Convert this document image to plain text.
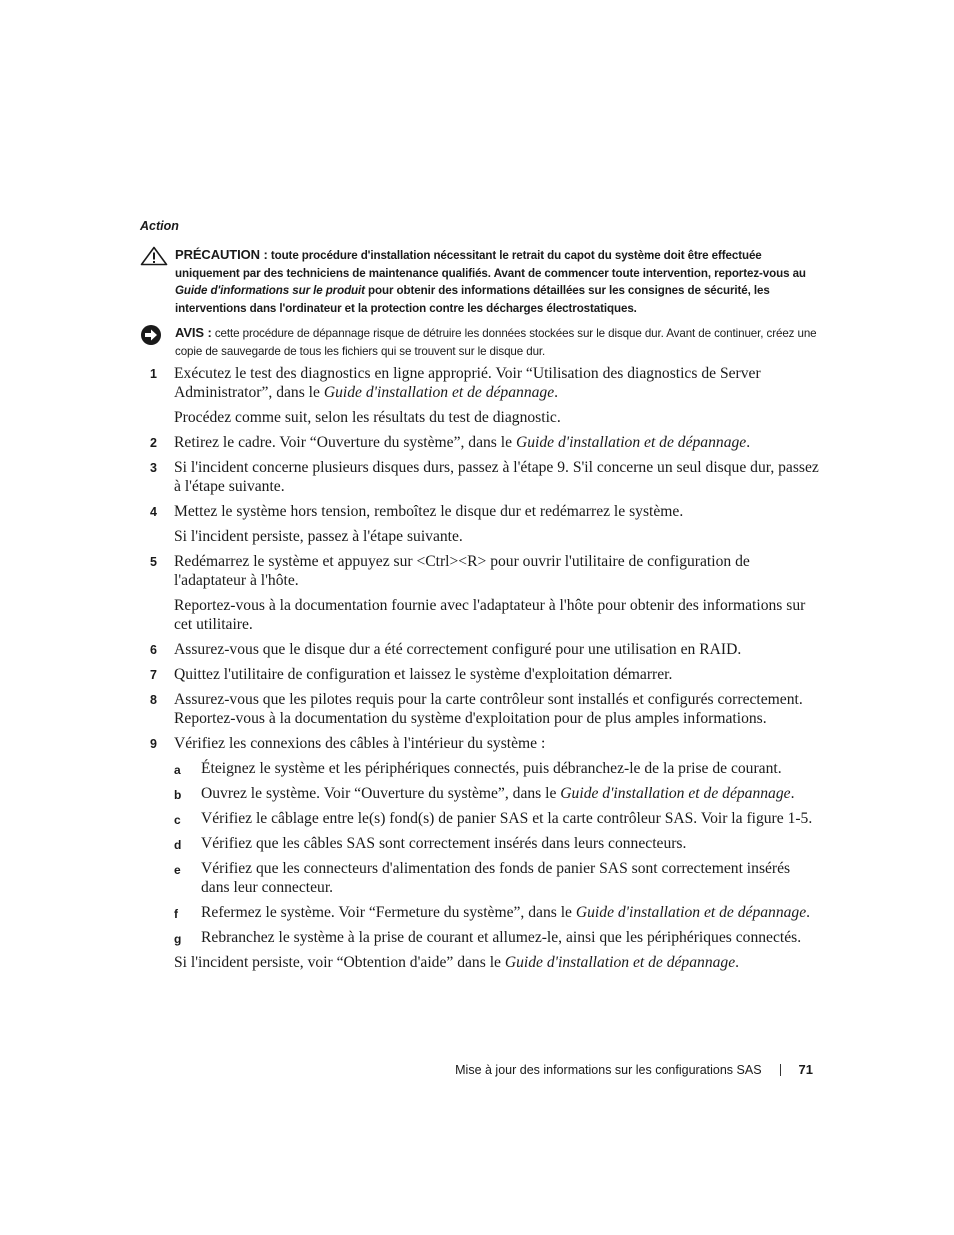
Action
PRÉCAUTION : toute procédure d'installation nécessitant le retrait du capot du système doit être effectuée uniquement par des techniciens de maintenance qualifiés. Avant de commencer toute intervention, reportez-vous au Guide d'informations sur le produit pour obtenir des informations détaillées sur les consignes de sécurité, les interventions dans l'ordinateur et la protection contre les décharges électrostatiques.
AVIS : cette procédure de dépannage risque de détruire les données stockées sur le disque dur. Avant de continuer, créez une copie de sauvegarde de tous les fichiers qui se trouvent sur le disque dur.
1 Exécutez le test des diagnostics en ligne approprié. Voir “Utilisation des diagnostics de Server Administrator”, dans le Guide d'installation et de dépannage.

Procédez comme suit, selon les résultats du test de diagnostic.

2 Retirez le cadre. Voir “Ouverture du système”, dans le Guide d'installation et de dépannage.

3 Si l'incident concerne plusieurs disques durs, passez à l'étape 9. S'il concerne un seul disque dur, passez à l'étape suivante.

4 Mettez le système hors tension, remboîtez le disque dur et redémarrez le système.

Si l'incident persiste, passez à l'étape suivante.

5 Redémarrez le système et appuyez sur <Ctrl><R> pour ouvrir l'utilitaire de configuration de l'adaptateur à l'hôte.

Reportez-vous à la documentation fournie avec l'adaptateur à l'hôte pour obtenir des informations sur cet utilitaire.

6 Assurez-vous que le disque dur a été correctement configuré pour une utilisation en RAID.

7 Quittez l'utilitaire de configuration et laissez le système d'exploitation démarrer.

8 Assurez-vous que les pilotes requis pour la carte contrôleur sont installés et configurés correctement. Reportez-vous à la documentation du système d'exploitation pour de plus amples informations.

9 Vérifiez les connexions des câbles à l'intérieur du système :

a Éteignez le système et les périphériques connectés, puis débranchez-le de la prise de courant.
b Ouvrez le système. Voir “Ouverture du système”, dans le Guide d'installation et de dépannage.
c Vérifiez le câblage entre le(s) fond(s) de panier SAS et la carte contrôleur SAS. Voir la figure 1-5.
d Vérifiez que les câbles SAS sont correctement insérés dans leurs connecteurs.
e Vérifiez que les connecteurs d'alimentation des fonds de panier SAS sont correctement insérés dans leur connecteur.
f Refermez le système. Voir “Fermeture du système”, dans le Guide d'installation et de dépannage.
g Rebranchez le système à la prise de courant et allumez-le, ainsi que les périphériques connectés.

Si l'incident persiste, voir “Obtention d'aide” dans le Guide d'installation et de dépannage.

Mise à jour des informations sur les configurations SAS	71
